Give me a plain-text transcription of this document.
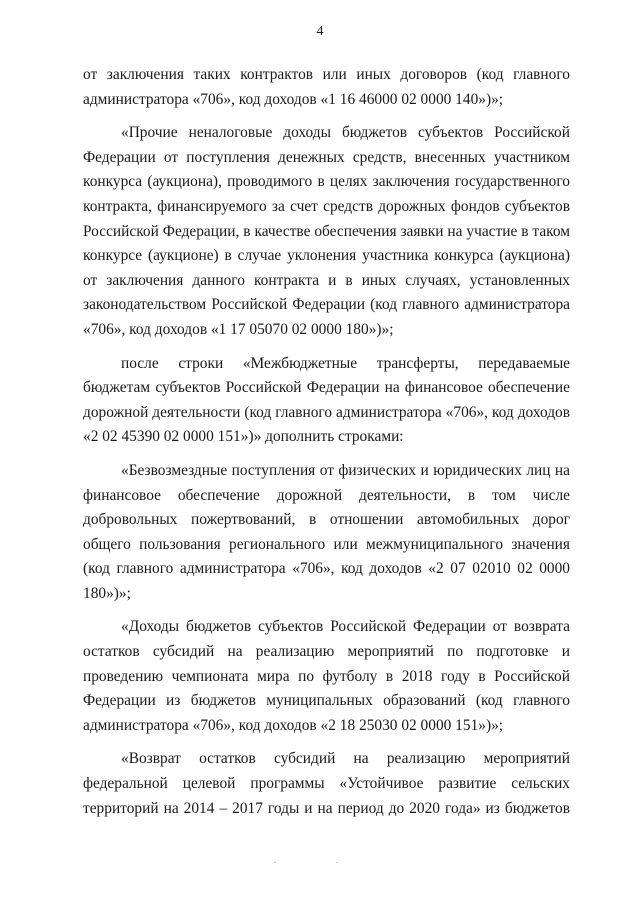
4

от заключения таких контрактов или иных договоров (код главного администратора «706», код доходов «1 16 46000 02 0000 140»)»;

«Прочие неналоговые доходы бюджетов субъектов Российской Федерации от поступления денежных средств, внесенных участником конкурса (аукциона), проводимого в целях заключения государственного контракта, финансируемого за счет средств дорожных фондов субъектов Российской Федерации, в качестве обеспечения заявки на участие в таком конкурсе (аукционе) в случае уклонения участника конкурса (аукциона) от заключения данного контракта и в иных случаях, установленных законодательством Российской Федерации (код главного администратора «706», код доходов «1 17 05070 02 0000 180»)»;

после строки «Межбюджетные трансферты, передаваемые бюджетам субъектов Российской Федерации на финансовое обеспечение дорожной деятельности (код главного администратора «706», код доходов «2 02 45390 02 0000 151»)» дополнить строками:

«Безвозмездные поступления от физических и юридических лиц на финансовое обеспечение дорожной деятельности, в том числе добровольных пожертвований, в отношении автомобильных дорог общего пользования регионального или межмуниципального значения (код главного администратора «706», код доходов «2 07 02010 02 0000 180»)»;

«Доходы бюджетов субъектов Российской Федерации от возврата остатков субсидий на реализацию мероприятий по подготовке и проведению чемпионата мира по футболу в 2018 году в Российской Федерации из бюджетов муниципальных образований (код главного администратора «706», код доходов «2 18 25030 02 0000 151»)»;

«Возврат остатков субсидий на реализацию мероприятий федеральной целевой программы «Устойчивое развитие сельских территорий на 2014 – 2017 годы и на период до 2020 года» из бюджетов

· ·
